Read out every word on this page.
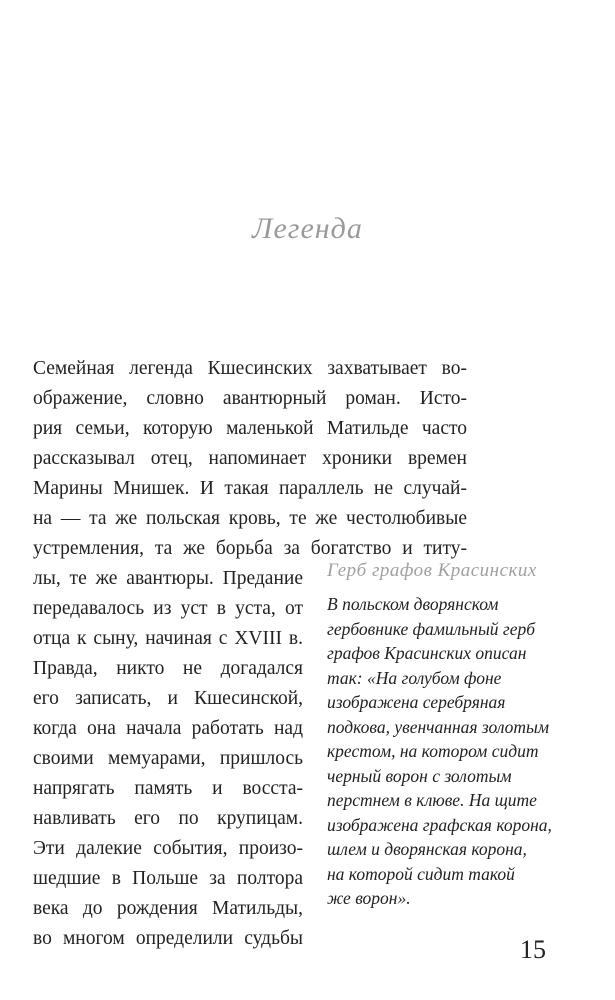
Легенда
Семейная легенда Кшесинских захватывает во-
ображение, словно авантюрный роман. Исто-
рия семьи, которую маленькой Матильде часто
рассказывал отец, напоминает хроники времен
Марины Мнишек. И такая параллель не случай-
на — та же польская кровь, те же честолюбивые
устремления, та же борьба за богатство и титу-
лы, те же авантюры. Предание
передавалось из уст в уста, от
отца к сыну, начиная с XVIII в.
Правда, никто не догадался
его записать, и Кшесинской,
когда она начала работать над
своими мемуарами, пришлось
напрягать память и восста-
навливать его по крупицам.
Эти далекие события, произо-
шедшие в Польше за полтора
века до рождения Матильды,
во многом определили судьбы
Герб графов Красинских
В польском дворянском
гербовнике фамильный герб
графов Красинских описан
так: «На голубом фоне
изображена серебряная
подкова, увенчанная золотым
крестом, на котором сидит
черный ворон с золотым
перстнем в клюве. На щите
изображена графская корона,
шлем и дворянская корона,
на которой сидит такой
же ворон».
15
